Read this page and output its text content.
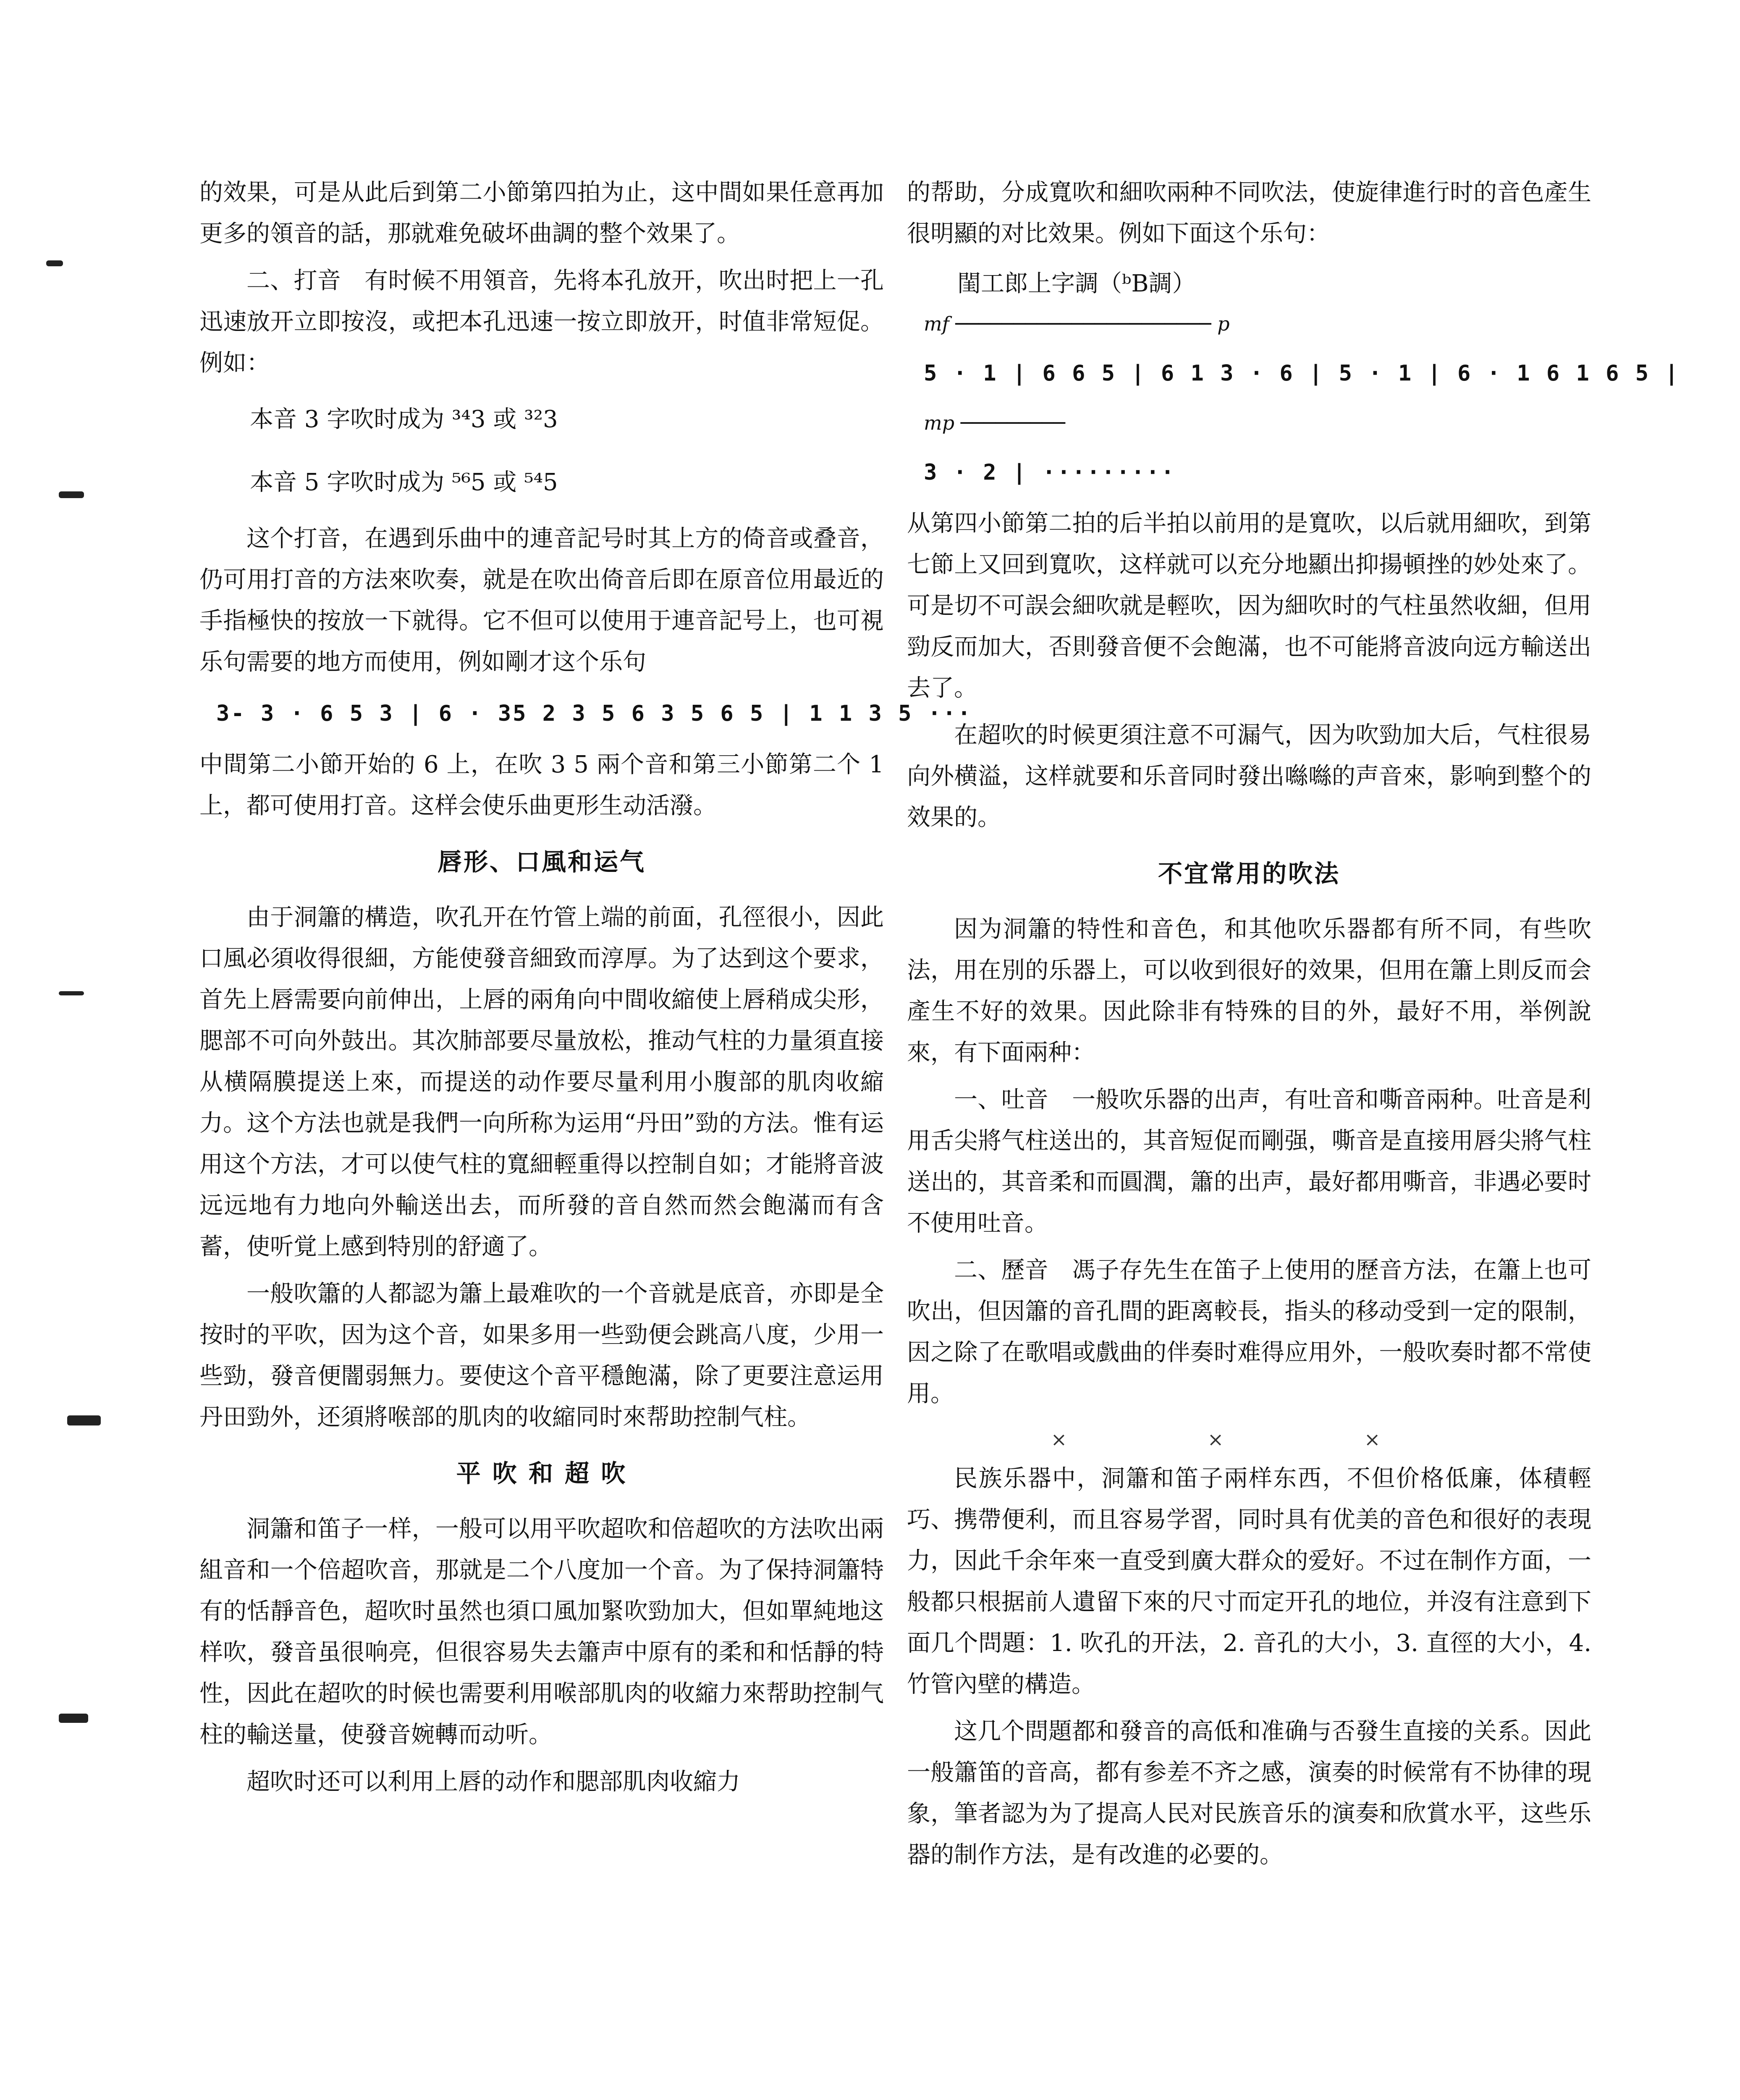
的效果，可是从此后到第二小節第四拍为止，这中間如果任意再加更多的領音的話，那就难免破坏曲調的整个效果了。

二、打音　有时候不用領音，先将本孔放开，吹出时把上一孔迅速放开立即按沒，或把本孔迅速一按立即放开，时值非常短促。例如：

本音 3 字吹时成为 ³⁴3 或 ³²3
本音 5 字吹时成为 ⁵⁶5 或 ⁵⁴5

这个打音，在遇到乐曲中的連音記号时其上方的倚音或叠音，仍可用打音的方法來吹奏，就是在吹出倚音后即在原音位用最近的手指極快的按放一下就得。它不但可以使用于連音記号上，也可視乐句需要的地方而使用，例如剛才这个乐句

3- 3 · 6 5 3 | 6 · 35 2 3 5 6 3 5 6 5 | 1 1 3 5 ···

中間第二小節开始的 6 上，在吹 3 5 兩个音和第三小節第二个 1 上，都可使用打音。这样会使乐曲更形生动活潑。

唇形、口風和运气

由于洞簫的構造，吹孔开在竹管上端的前面，孔徑很小，因此口風必須收得很細，方能使發音細致而淳厚。为了达到这个要求，首先上唇需要向前伸出，上唇的兩角向中間收縮使上唇稍成尖形，腮部不可向外鼓出。其次肺部要尽量放松，推动气柱的力量須直接从横隔膜提送上來，而提送的动作要尽量利用小腹部的肌肉收縮力。这个方法也就是我們一向所称为运用“丹田”勁的方法。惟有运用这个方法，才可以使气柱的寬細輕重得以控制自如；才能將音波远远地有力地向外輸送出去，而所發的音自然而然会飽滿而有含蓄，使听覚上感到特別的舒適了。

一般吹簫的人都認为簫上最难吹的一个音就是底音，亦即是全按时的平吹，因为这个音，如果多用一些勁便会跳高八度，少用一些勁，發音便闇弱無力。要使这个音平穩飽滿，除了更要注意运用丹田勁外，还須將喉部的肌肉的收縮同时來帮助控制气柱。

平 吹 和 超 吹

洞簫和笛子一样，一般可以用平吹超吹和倍超吹的方法吹出兩組音和一个倍超吹音，那就是二个八度加一个音。为了保持洞簫特有的恬靜音色，超吹时虽然也須口風加緊吹勁加大，但如單純地这样吹，發音虽很响亮，但很容易失去簫声中原有的柔和和恬靜的特性，因此在超吹的时候也需要利用喉部肌肉的收縮力來帮助控制气柱的輸送量，使發音婉轉而动听。

超吹时还可以利用上唇的动作和腮部肌肉收縮力

的帮助，分成寬吹和細吹兩种不同吹法，使旋律進行时的音色產生很明顯的对比效果。例如下面这个乐句：

閨工郎上字調（ᵇB調）
mf ────────────────────── p
5 · 1 | 6 6 5 | 6 1 3 · 6 | 5 · 1 | 6 · 1 6 1 6 5 |
mp ─────────
3 · 2 | ·········

从第四小節第二拍的后半拍以前用的是寬吹，以后就用細吹，到第七節上又回到寬吹，这样就可以充分地顯出抑揚頓挫的妙处來了。可是切不可誤会細吹就是輕吹，因为細吹时的气柱虽然收細，但用勁反而加大，否則發音便不会飽滿，也不可能將音波向远方輸送出去了。

在超吹的时候更須注意不可漏气，因为吹勁加大后，气柱很易向外横溢，这样就要和乐音同时發出噝噝的声音來，影响到整个的效果的。

不宜常用的吹法

因为洞簫的特性和音色，和其他吹乐器都有所不同，有些吹法，用在別的乐器上，可以收到很好的效果，但用在簫上則反而会產生不好的效果。因此除非有特殊的目的外，最好不用，举例說來，有下面兩种：

一、吐音　一般吹乐器的出声，有吐音和嘶音兩种。吐音是利用舌尖將气柱送出的，其音短促而剛强，嘶音是直接用唇尖將气柱送出的，其音柔和而圓潤，簫的出声，最好都用嘶音，非遇必要时不使用吐音。

二、歷音　馮子存先生在笛子上使用的歷音方法，在簫上也可吹出，但因簫的音孔間的距离較長，指头的移动受到一定的限制，因之除了在歌唱或戲曲的伴奏时难得应用外，一般吹奏时都不常使用。

× × ×

民族乐器中，洞簫和笛子兩样东西，不但价格低廉，体積輕巧、携帶便利，而且容易学習，同时具有优美的音色和很好的表現力，因此千余年來一直受到廣大群众的爱好。不过在制作方面，一般都只根据前人遺留下來的尺寸而定开孔的地位，并沒有注意到下面几个問題：1. 吹孔的开法，2. 音孔的大小，3. 直徑的大小，4. 竹管內壁的構造。

这几个問題都和發音的高低和准确与否發生直接的关系。因此一般簫笛的音高，都有参差不齐之感，演奏的时候常有不协律的現象，筆者認为为了提高人民对民族音乐的演奏和欣賞水平，这些乐器的制作方法，是有改進的必要的。
